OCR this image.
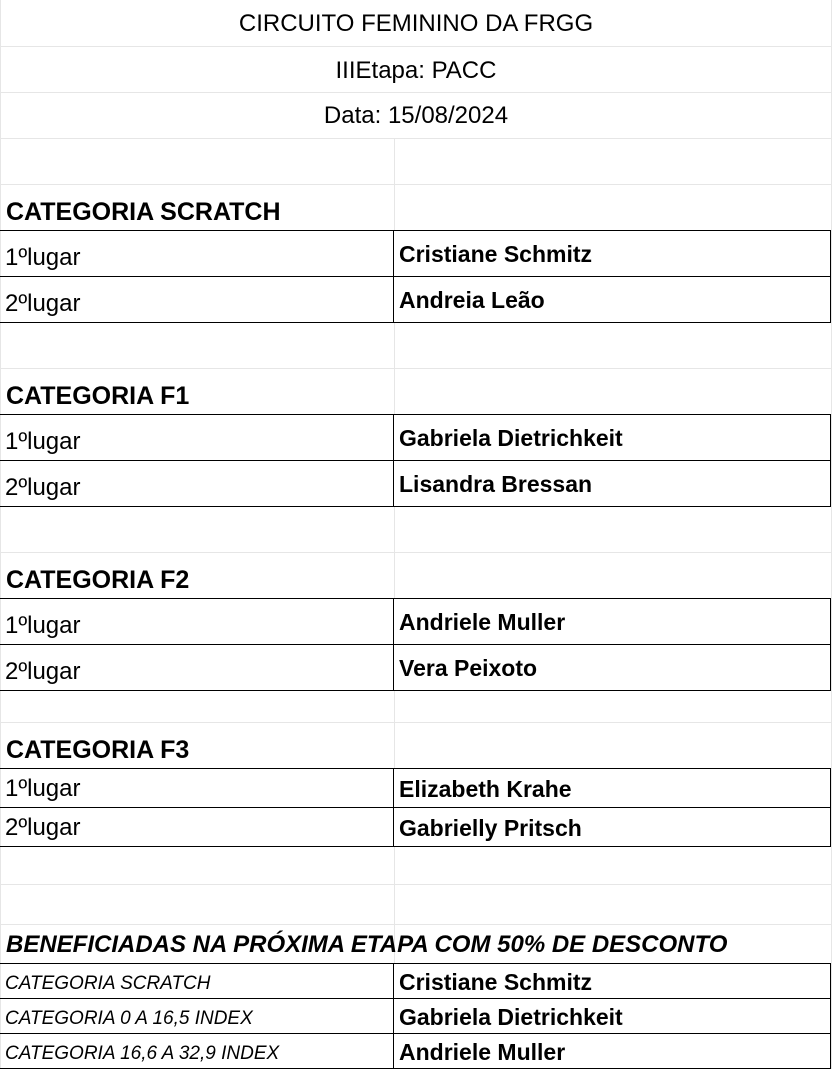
CIRCUITO FEMININO DA FRGG
IIIEtapa: PACC
Data: 15/08/2024
CATEGORIA SCRATCH
1ºlugar	Cristiane Schmitz
2ºlugar	Andreia Leão
CATEGORIA F1
1ºlugar	Gabriela Dietrichkeit
2ºlugar	Lisandra Bressan
CATEGORIA F2
1ºlugar	Andriele Muller
2ºlugar	Vera Peixoto
CATEGORIA F3
1ºlugar	Elizabeth Krahe
2ºlugar	Gabrielly Pritsch
BENEFICIADAS NA PRÓXIMA ETAPA COM 50% DE DESCONTO
CATEGORIA SCRATCH	Cristiane Schmitz
CATEGORIA 0 A 16,5 INDEX	Gabriela Dietrichkeit
CATEGORIA 16,6 A 32,9 INDEX	Andriele Muller
